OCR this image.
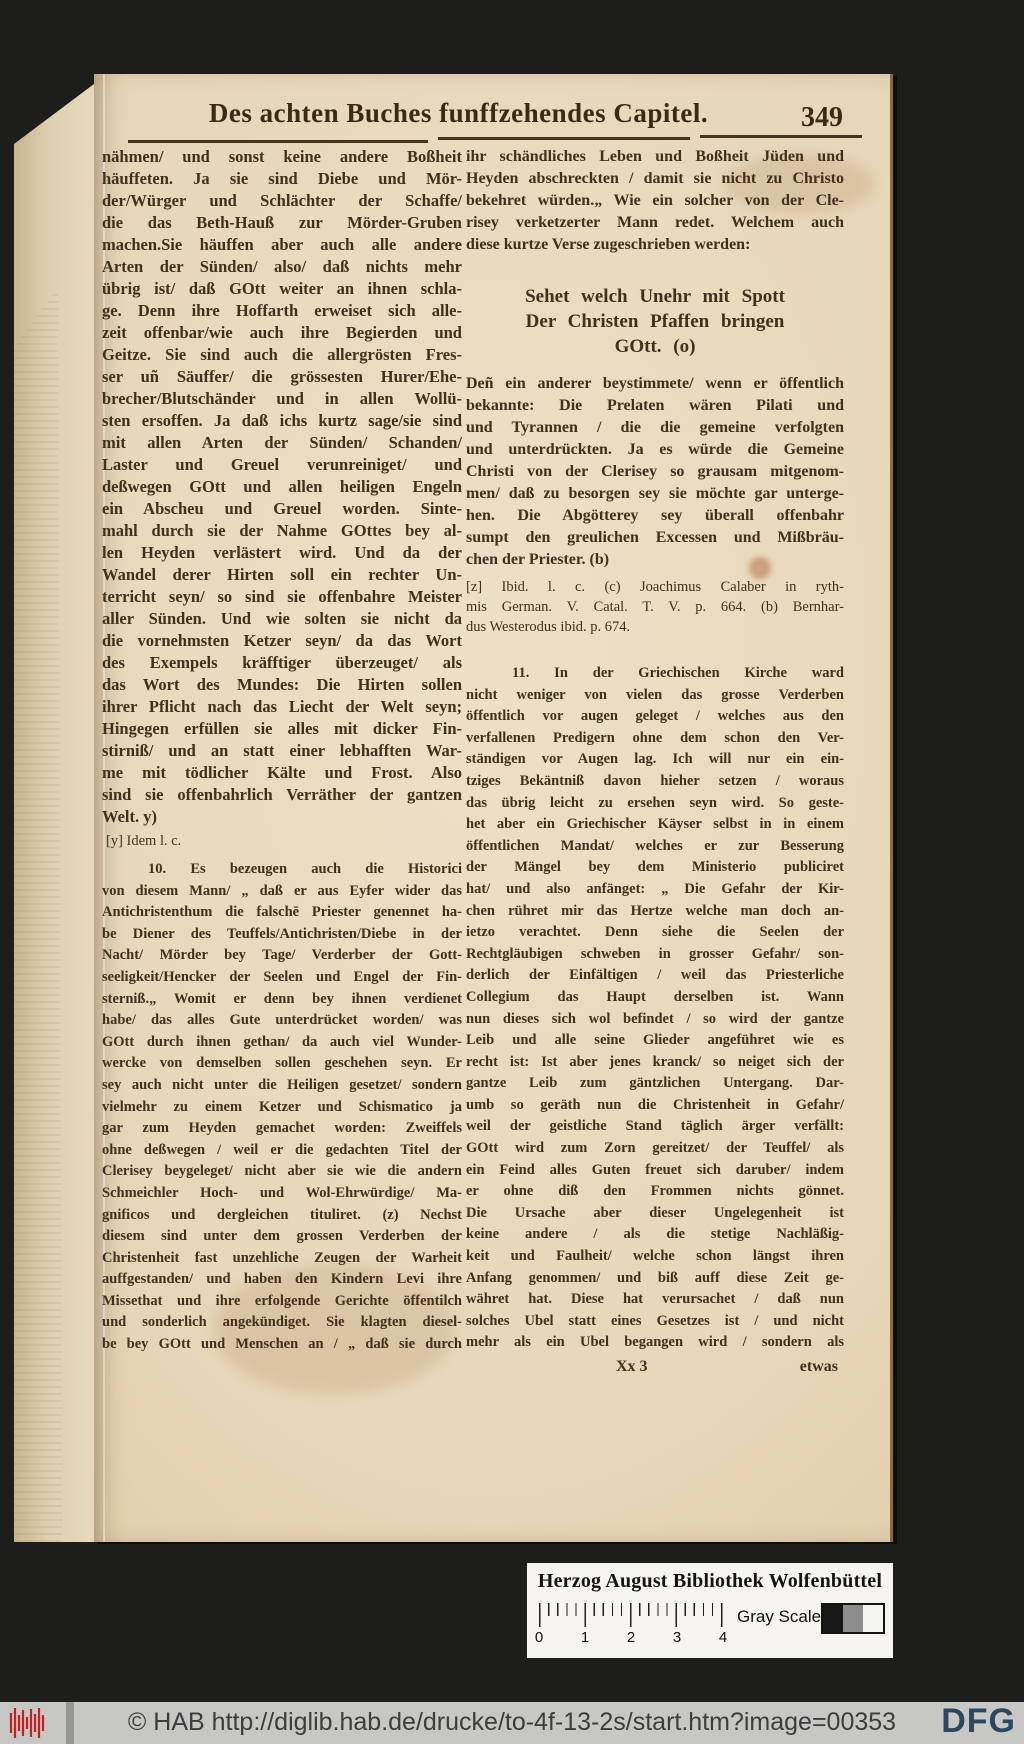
Des achten Buches funffzehendes Capitel.	349
nähmen/ und sonst keine andere Boßheit
häuffeten. Ja sie sind Diebe und Mör-
der/Würger und Schlächter der Schaffe/
die das Beth-Hauß zur Mörder-Gruben
machen.Sie häuffen aber auch alle andere
Arten der Sünden/ also/ daß nichts mehr
übrig ist/ daß GOtt weiter an ihnen schla-
ge. Denn ihre Hoffarth erweiset sich alle-
zeit offenbar/wie auch ihre Begierden und
Geitze. Sie sind auch die allergrösten Fres-
ser uñ Säuffer/ die grössesten Hurer/Ehe-
brecher/Blutschänder und in allen Wollü-
sten ersoffen. Ja daß ichs kurtz sage/sie sind
mit allen Arten der Sünden/ Schanden/
Laster und Greuel verunreiniget/ und
deßwegen GOtt und allen heiligen Engeln
ein Abscheu und Greuel worden. Sinte-
mahl durch sie der Nahme GOttes bey al-
len Heyden verlästert wird. Und da der
Wandel derer Hirten soll ein rechter Un-
terricht seyn/ so sind sie offenbahre Meister
aller Sünden. Und wie solten sie nicht da
die vornehmsten Ketzer seyn/ da das Wort
des Exempels kräfftiger überzeuget/ als
das Wort des Mundes: Die Hirten sollen
ihrer Pflicht nach das Liecht der Welt seyn;
Hingegen erfüllen sie alles mit dicker Fin-
stirniß/ und an statt einer lebhafften War-
me mit tödlicher Kälte und Frost. Also
sind sie offenbahrlich Verräther der gantzen
Welt. y)
[y] Idem l. c.
10. Es bezeugen auch die Historici
von diesem Mann/ „ daß er aus Eyfer wider das
Antichristenthum die falschē Priester genennet ha-
be Diener des Teuffels/Antichristen/Diebe in der
Nacht/ Mörder bey Tage/ Verderber der Gott-
seeligkeit/Hencker der Seelen und Engel der Fin-
sterniß.„ Womit er denn bey ihnen verdienet
habe/ das alles Gute unterdrücket worden/ was
GOtt durch ihnen gethan/ da auch viel Wunder-
wercke von demselben sollen geschehen seyn. Er
sey auch nicht unter die Heiligen gesetzet/ sondern
vielmehr zu einem Ketzer und Schismatico ja
gar zum Heyden gemachet worden: Zweiffels
ohne deßwegen / weil er die gedachten Titel der
Clerisey beygeleget/ nicht aber sie wie die andern
Schmeichler Hoch- und Wol-Ehrwürdige/ Ma-
gnificos und dergleichen tituliret. (z) Nechst
diesem sind unter dem grossen Verderben der
Christenheit fast unzehliche Zeugen der Warheit
auffgestanden/ und haben den Kindern Levi ihre
Missethat und ihre erfolgende Gerichte öffentilch
und sonderlich angekündiget. Sie klagten diesel-
be bey GOtt und Menschen an / „ daß sie durch
ihr schändliches Leben und Boßheit Jüden und
Heyden abschreckten / damit sie nicht zu Christo
bekehret würden.„ Wie ein solcher von der Cle-
risey verketzerter Mann redet. Welchem auch
diese kurtze Verse zugeschrieben werden:
Sehet welch Unehr mit Spott
Der Christen Pfaffen bringen
GOtt. (o)
Deñ ein anderer beystimmete/ wenn er öffentlich
bekannte: Die Prelaten wären Pilati und
und Tyrannen / die die gemeine verfolgten
und unterdrückten. Ja es würde die Gemeine
Christi von der Clerisey so grausam mitgenom-
men/ daß zu besorgen sey sie möchte gar unterge-
hen. Die Abgötterey sey überall offenbahr
sumpt den greulichen Excessen und Mißbräu-
chen der Priester. (b)
[z] Ibid. l. c. (c) Joachimus Calaber in ryth-
mis German. V. Catal. T. V. p. 664. (b) Bernhar-
dus Westerodus ibid. p. 674.
11. In der Griechischen Kirche ward
nicht weniger von vielen das grosse Verderben
öffentlich vor augen geleget / welches aus den
verfallenen Predigern ohne dem schon den Ver-
ständigen vor Augen lag. Ich will nur ein ein-
tziges Bekäntniß davon hieher setzen / woraus
das übrig leicht zu ersehen seyn wird. So geste-
het aber ein Griechischer Käyser selbst in in einem
öffentlichen Mandat/ welches er zur Besserung
der Mängel bey dem Ministerio publiciret
hat/ und also anfänget: „ Die Gefahr der Kir-
chen rühret mir das Hertze welche man doch an-
ietzo verachtet. Denn siehe die Seelen der
Rechtgläubigen schweben in grosser Gefahr/ son-
derlich der Einfältigen / weil das Priesterliche
Collegium das Haupt derselben ist. Wann
nun dieses sich wol befindet / so wird der gantze
Leib und alle seine Glieder angeführet wie es
recht ist: Ist aber jenes kranck/ so neiget sich der
gantze Leib zum gäntzlichen Untergang. Dar-
umb so geräth nun die Christenheit in Gefahr/
weil der geistliche Stand täglich ärger verfällt:
GOtt wird zum Zorn gereitzet/ der Teuffel/ als
ein Feind alles Guten freuet sich daruber/ indem
er ohne diß den Frommen nichts gönnet.
Die Ursache aber dieser Ungelegenheit ist
keine andere / als die stetige Nachläßig-
keit und Faulheit/ welche schon längst ihren
Anfang genommen/ und biß auff diese Zeit ge-
währet hat. Diese hat verursachet / daß nun
solches Ubel statt eines Gesetzes ist / und nicht
mehr als ein Ubel begangen wird / sondern als
Xx 3	etwas
Herzog August Bibliothek Wolfenbüttel
0	1	2	3	4
Gray Scale
© HAB http://diglib.hab.de/drucke/to-4f-13-2s/start.htm?image=00353 DFG
